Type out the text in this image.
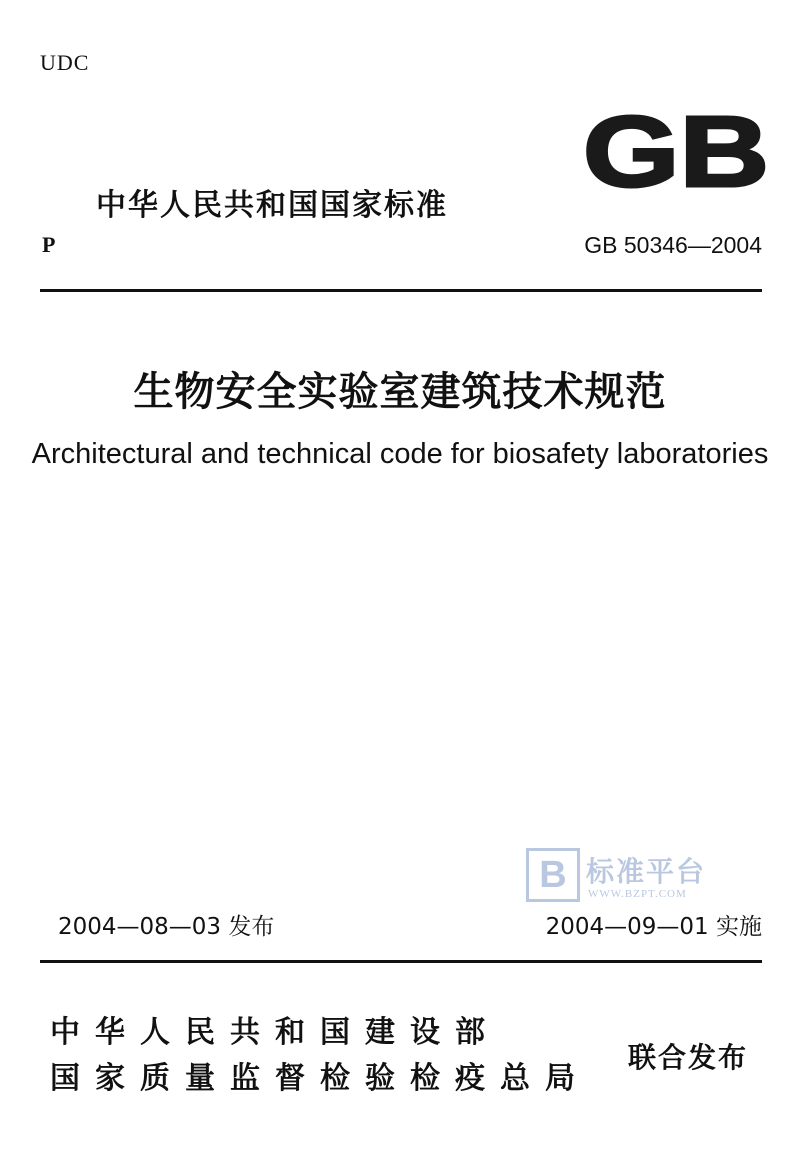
UDC
GB
中华人民共和国国家标准
P	GB 50346—2004
生物安全实验室建筑技术规范
Architectural and technical code for biosafety laboratories
B 标准平台
WWW.BZPT.COM
2004—08—03 发布	2004—09—01 实施
中华人民共和国建设部
国家质量监督检验检疫总局
联合发布
